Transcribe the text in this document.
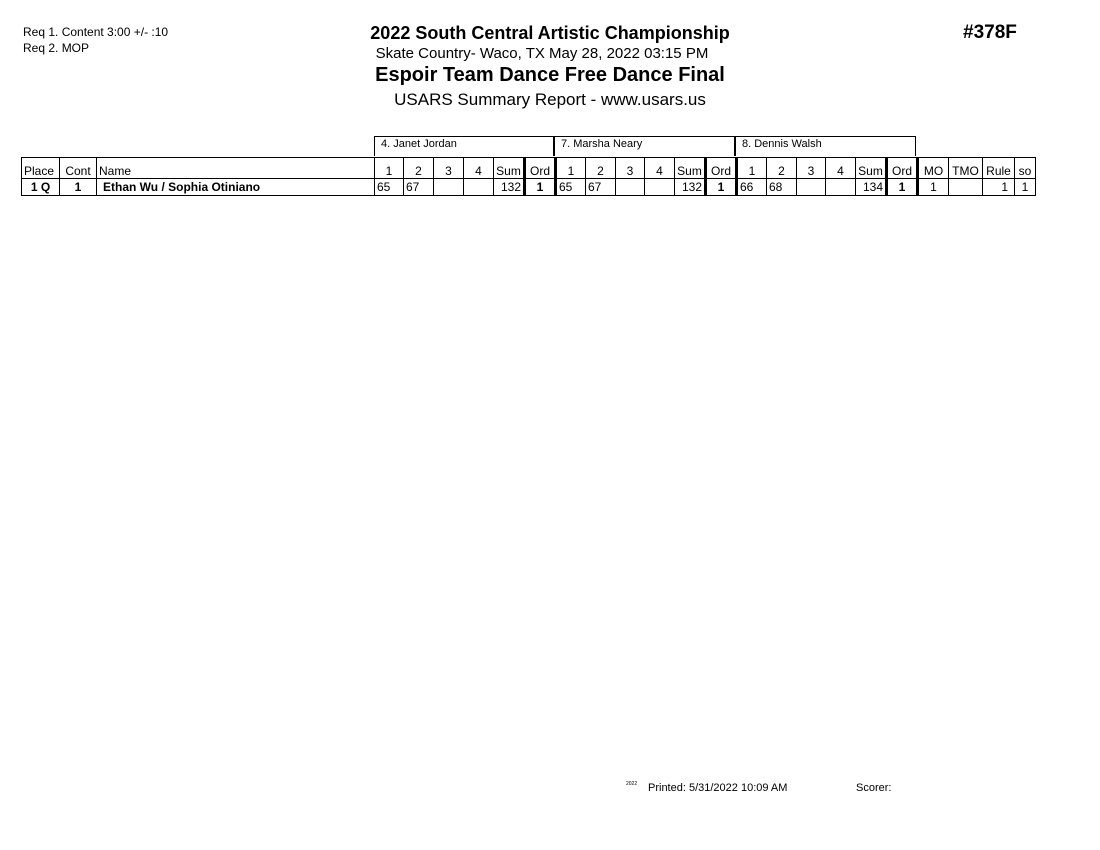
Req 1. Content 3:00 +/- :10
Req 2. MOP
#378F
2022 South Central Artistic Championship
Skate Country- Waco, TX May 28, 2022 03:15 PM
Espoir Team Dance Free Dance Final
USARS Summary Report - www.usars.us
4. Janet Jordan	7. Marsha Neary	8. Dennis Walsh
Place	Cont	Name	1	2	3	4	Sum	Ord	1	2	3	4	Sum	Ord	1	2	3	4	Sum	Ord	MO	TMO	Rule	so
1 Q	1	Ethan Wu / Sophia Otiniano	65	67			132	1	65	67			132	1	66	68			134	1	1		1	1
2022 Printed: 5/31/2022 10:09 AM	Scorer:
